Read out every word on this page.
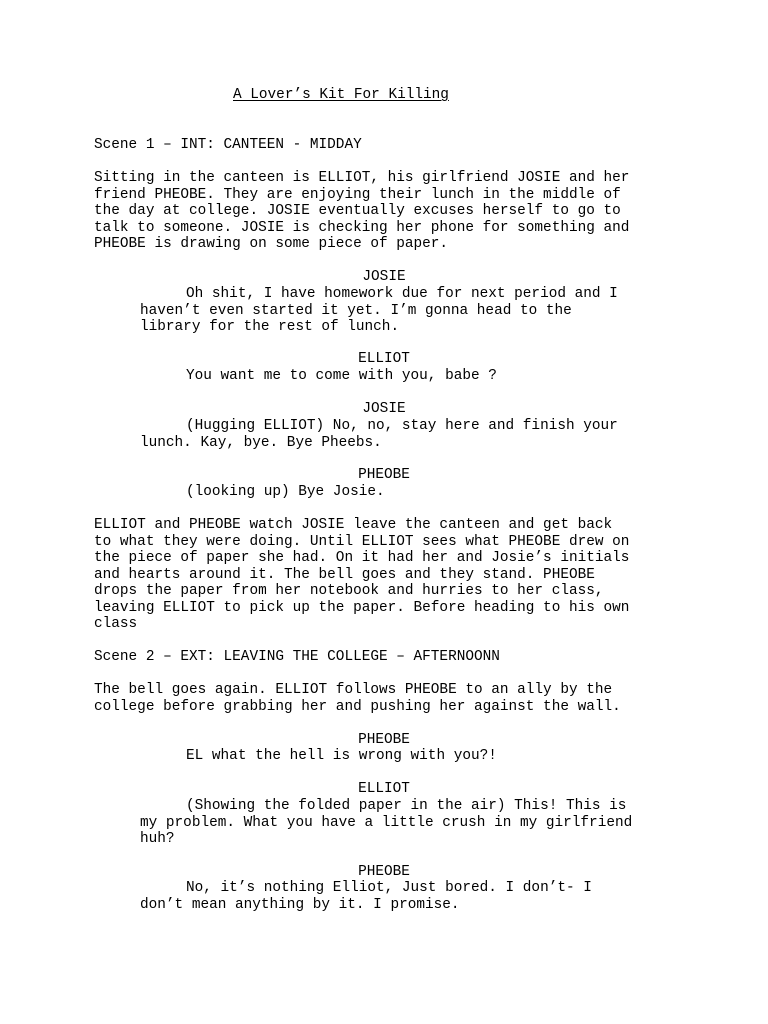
A Lover’s Kit For Killing
Scene 1 – INT: CANTEEN - MIDDAY
Sitting in the canteen is ELLIOT, his girlfriend JOSIE and her
friend PHEOBE. They are enjoying their lunch in the middle of
the day at college. JOSIE eventually excuses herself to go to
talk to someone. JOSIE is checking her phone for something and
PHEOBE is drawing on some piece of paper.
JOSIE
Oh shit, I have homework due for next period and I
haven’t even started it yet. I’m gonna head to the
library for the rest of lunch.
ELLIOT
You want me to come with you, babe ?
JOSIE
(Hugging ELLIOT) No, no, stay here and finish your
lunch. Kay, bye. Bye Pheebs.
PHEOBE
(looking up) Bye Josie.
ELLIOT and PHEOBE watch JOSIE leave the canteen and get back
to what they were doing. Until ELLIOT sees what PHEOBE drew on
the piece of paper she had. On it had her and Josie’s initials
and hearts around it. The bell goes and they stand. PHEOBE
drops the paper from her notebook and hurries to her class,
leaving ELLIOT to pick up the paper. Before heading to his own
class
Scene 2 – EXT: LEAVING THE COLLEGE – AFTERNOONN
The bell goes again. ELLIOT follows PHEOBE to an ally by the
college before grabbing her and pushing her against the wall.
PHEOBE
EL what the hell is wrong with you?!
ELLIOT
(Showing the folded paper in the air) This! This is
my problem. What you have a little crush in my girlfriend
huh?
PHEOBE
No, it’s nothing Elliot, Just bored. I don’t- I
don’t mean anything by it. I promise.
